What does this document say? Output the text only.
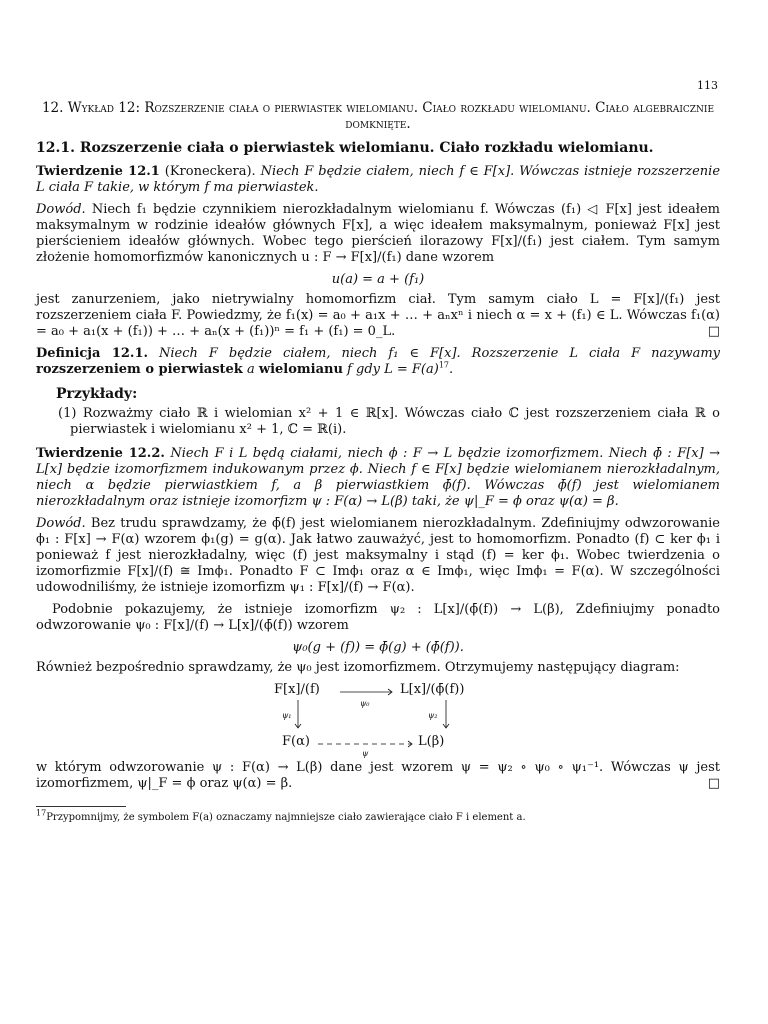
113
12. Wykład 12: Rozszerzenie ciała o pierwiastek wielomianu. Ciało rozkładu wielomianu. Ciało algebraicznie domknięte.
12.1. Rozszerzenie ciała o pierwiastek wielomianu. Ciało rozkładu wielomianu.

Twierdzenie 12.1 (Kroneckera). Niech F będzie ciałem, niech f ∈ F[x]. Wówczas istnieje rozszerzenie L ciała F takie, w którym f ma pierwiastek.

Dowód. Niech f₁ będzie czynnikiem nierozkładalnym wielomianu f. Wówczas (f₁) ◁ F[x] jest ideałem maksymalnym w rodzinie ideałów głównych F[x], a więc ideałem maksymalnym, ponieważ F[x] jest pierścieniem ideałów głównych. Wobec tego pierścień ilorazowy F[x]/(f₁) jest ciałem. Tym samym złożenie homomorfizmów kanonicznych u : F → F[x]/(f₁) dane wzorem

u(a) = a + (f₁)

jest zanurzeniem, jako nietrywialny homomorfizm ciał. Tym samym ciało L = F[x]/(f₁) jest rozszerzeniem ciała F. Powiedzmy, że f₁(x) = a₀ + a₁x + … + aₙxⁿ i niech α = x + (f₁) ∈ L. Wówczas f₁(α) = a₀ + a₁(x + (f₁)) + … + aₙ(x + (f₁))ⁿ = f₁ + (f₁) = 0_L.	□

Definicja 12.1. Niech F będzie ciałem, niech f₁ ∈ F[x]. Rozszerzenie L ciała F nazywamy rozszerzeniem o pierwiastek a wielomianu f gdy $L = F(a)^{17}$.

Przykłady:
(1) Rozważmy ciało ℝ i wielomian x² + 1 ∈ ℝ[x]. Wówczas ciało ℂ jest rozszerzeniem ciała ℝ o pierwiastek i wielomianu x² + 1, ℂ = ℝ(i).

Twierdzenie 12.2. Niech F i L będą ciałami, niech ϕ : F → L będzie izomorfizmem. Niech ϕ̄ : F[x] → L[x] będzie izomorfizmem indukowanym przez ϕ. Niech f ∈ F[x] będzie wielomianem nierozkładalnym, niech α będzie pierwiastkiem f, a β pierwiastkiem ϕ̄(f). Wówczas ϕ̄(f) jest wielomianem nierozkładalnym oraz istnieje izomorfizm ψ : F(α) → L(β) taki, że ψ|_F = ϕ oraz ψ(α) = β.

Dowód. Bez trudu sprawdzamy, że ϕ̄(f) jest wielomianem nierozkładalnym. Zdefiniujmy odwzorowanie ϕ₁ : F[x] → F(α) wzorem ϕ₁(g) = g(α). Jak łatwo zauważyć, jest to homomorfizm. Ponadto (f) ⊂ ker ϕ₁ i ponieważ f jest nierozkładalny, więc (f) jest maksymalny i stąd (f) = ker ϕ₁. Wobec twierdzenia o izomorfizmie F[x]/(f) ≅ Imϕ₁. Ponadto F ⊂ Imϕ₁ oraz α ∈ Imϕ₁, więc Imϕ₁ = F(α). W szczególności udowodniliśmy, że istnieje izomorfizm ψ₁ : F[x]/(f) → F(α).

Podobnie pokazujemy, że istnieje izomorfizm ψ₂ : L[x]/(ϕ̄(f)) → L(β), Zdefiniujmy ponadto odwzorowanie ψ₀ : F[x]/(f) → L[x]/(ϕ̄(f)) wzorem

ψ₀(g + (f)) = ϕ̄(g) + (ϕ̄(f)).

Również bezpośrednio sprawdzamy, że ψ₀ jest izomorfizmem. Otrzymujemy następujący diagram:

F[x]/(f)	L[x]/(ϕ̄(f))
F(α)	L(β)
ψ₀
ψ₁	ψ₂
ψ

w którym odwzorowanie ψ : F(α) → L(β) dane jest wzorem ψ = ψ₂ ∘ ψ₀ ∘ ψ₁⁻¹. Wówczas ψ jest izomorfizmem, ψ|_F = ϕ oraz ψ(α) = β.	□

$^{17}$Przypomnijmy, że symbolem F(a) oznaczamy najmniejsze ciało zawierające ciało F i element a.
